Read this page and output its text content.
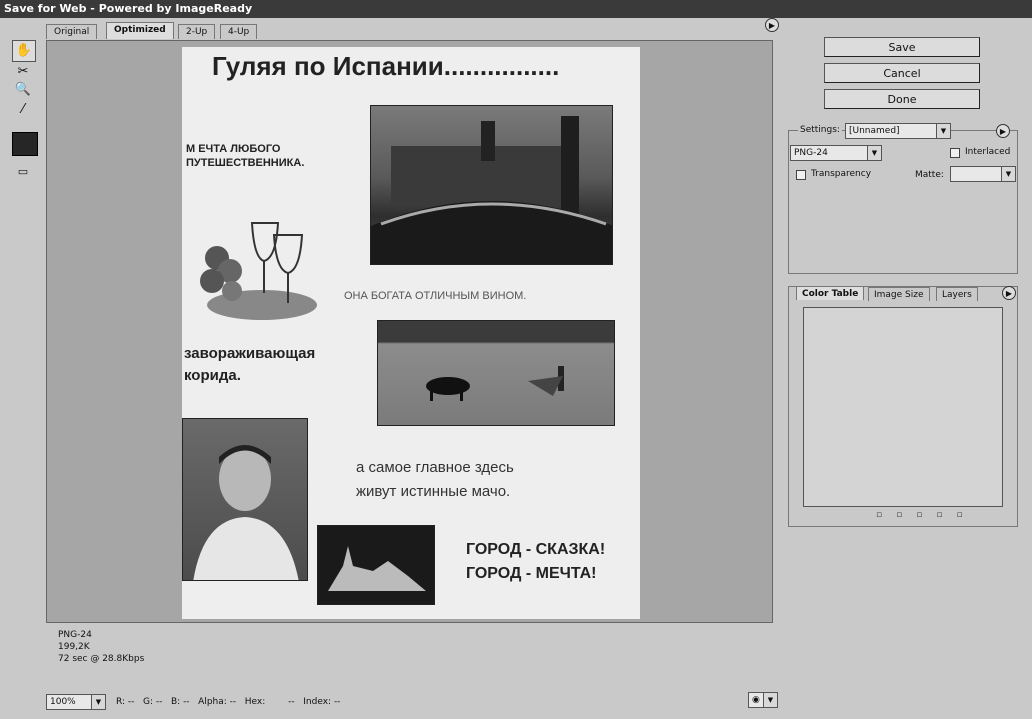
Save for Web - Powered by ImageReady
Original	Optimized	2-Up	4-Up
▶
✋
✂
🔍
⁄
▭
Гуляя по Испании................
М ЕЧТА ЛЮБОГО
ПУТЕШЕСТВЕННИКА.
ОНА БОГАТА ОТЛИЧНЫМ ВИНОМ.
завораживающая
корида.
а самое главное здесь
живут истинные мачо.
ГОРОД - СКАЗКА!
ГОРОД - МЕЧТА!
PNG-24
199,2K
72 sec @ 28.8Kbps
Save
Cancel
Done
Settings:	[Unnamed]	▼	▶
PNG-24	▼	Interlaced
Transparency	Matte:	▼
Color Table	Image Size	Layers	▶
▫▫▫▫▫
100%	▼	R: -- G: -- B: -- Alpha: -- Hex:	-- Index: --	◉	▼
